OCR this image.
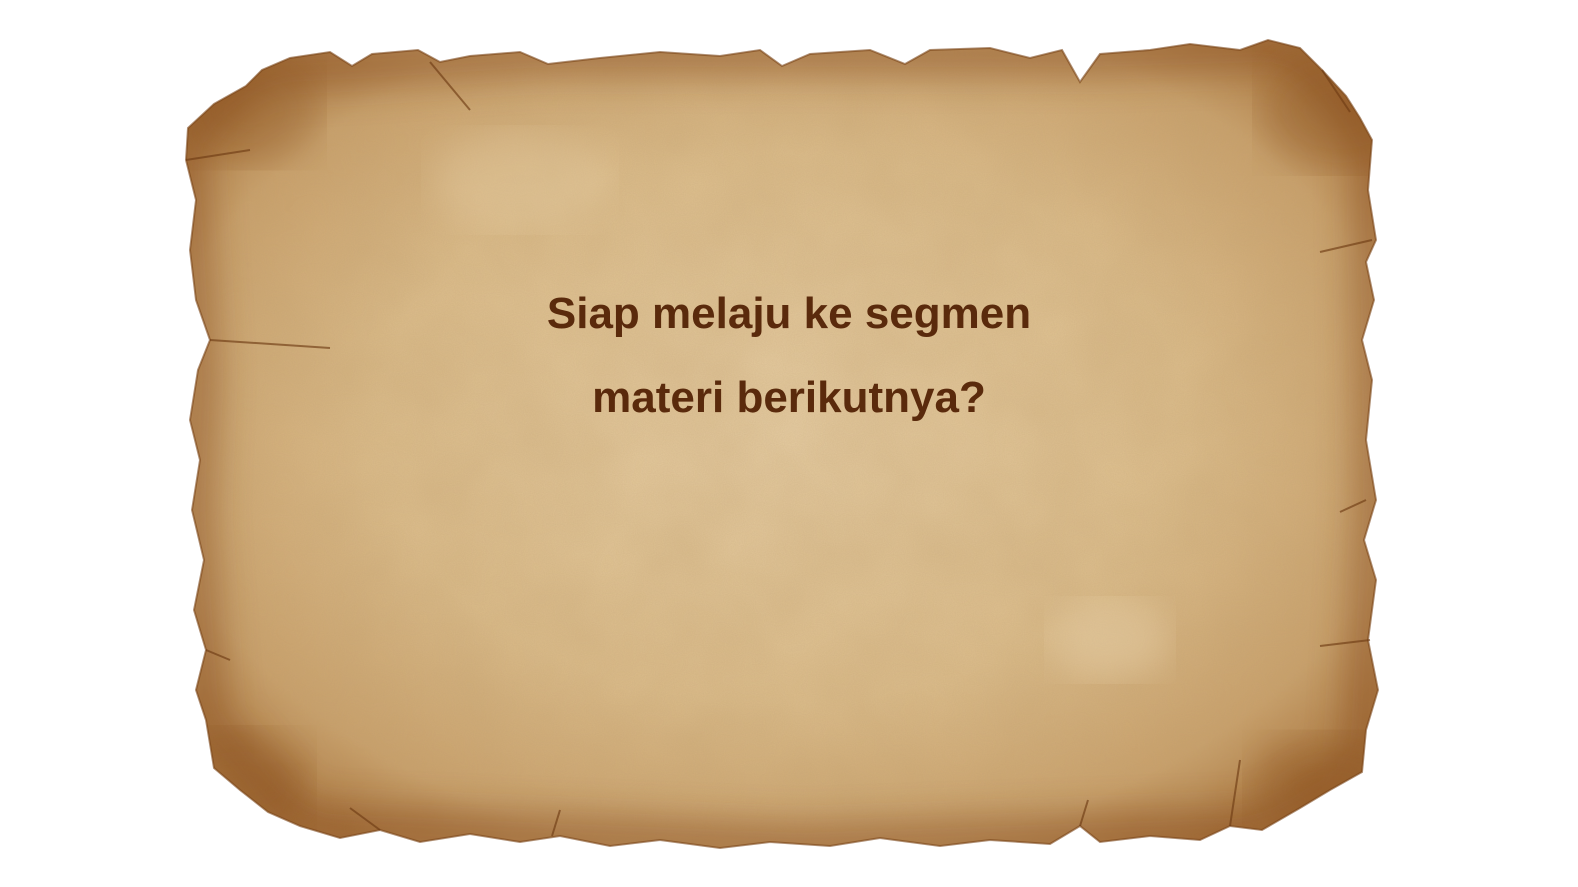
Siap melaju ke segmen
materi berikutnya?
